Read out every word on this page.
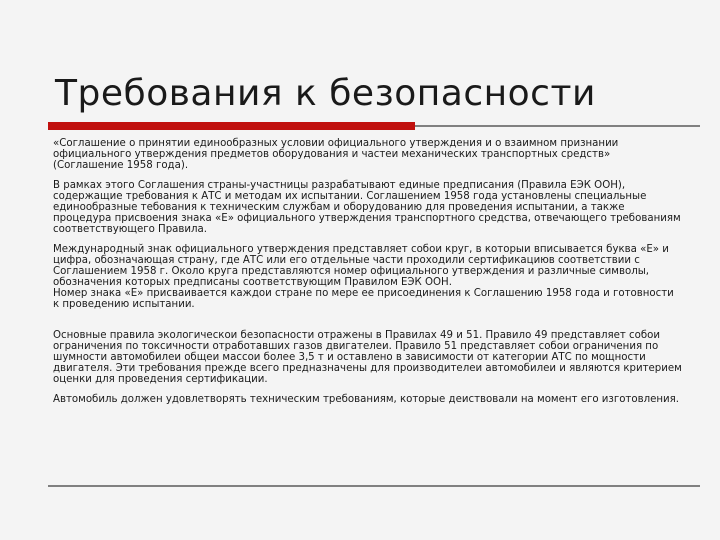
Требования к безопасности

«Соглашение о принятии единообразных условии официального утверждения и о взаимном признании официального утверждения предметов оборудования и частеи механических транспортных средств» (Соглашение 1958 года).

В рамках этого Соглашения страны-участницы разрабатывают единые предписания (Правила ЕЭК ООН), содержащие требования к АТС и методам их испытании. Соглашением 1958 года установлены специальные единообразные тебования к техническим службам и оборудованию для проведения испытании, а также процедура присвоения знака «Е» официального утверждения транспортного средства, отвечающего требованиям соответствующего Правила.

Международный знак официального утверждения представляет собои круг, в которыи вписывается буква «Е» и цифра, обозначающая страну, где АТС или его отдельные части проходили сертификациюв соответствии с Соглашением 1958 г. Около круга представляются номер официального утверждения и различные символы, обозначения которых предписаны соответствующим Правилом ЕЭК ООН.

Номер знака «Е» присваивается каждои стране по мере ее присоединения к Соглашению 1958 года и готовности к проведению испытании.

Основные правила экологическои безопасности отражены в Правилах 49 и 51. Правило 49 представляет собои ограничения по токсичности отработавших газов двигателеи. Правило 51 представляет собои ограничения по шумности автомобилеи общеи массои более 3,5 т и оставлено в зависимости от категории АТС по мощности двигателя. Эти требования прежде всего предназначены для производителеи автомобилеи и являются критерием оценки для проведения сертификации.

Автомобиль должен удовлетворять техническим требованиям, которые деиствовали на момент его изготовления.
